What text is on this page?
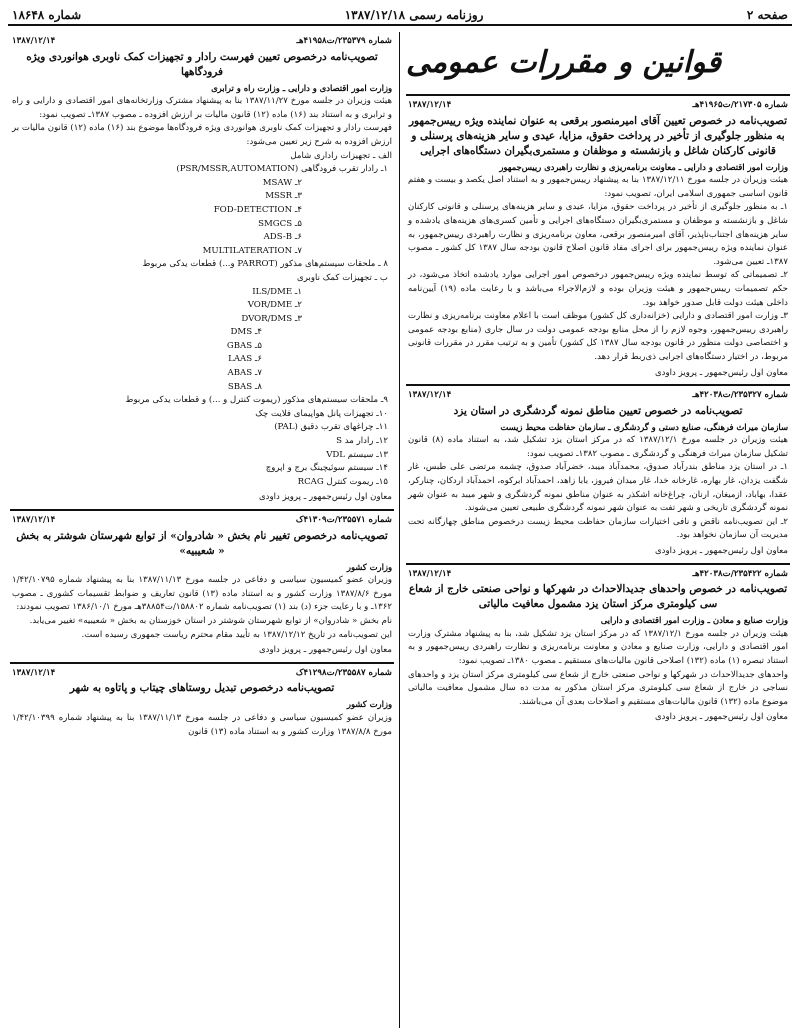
صفحه ۲
روزنامه رسمی ۱۳۸۷/۱۲/۱۸
شماره ۱۸۶۴۸
قوانین و مقررات عمومی
شماره ۲۱۷۳۰۵/ت۴۱۹۶۵هـ
۱۳۸۷/۱۲/۱۴
تصویب‌نامه در خصوص تعیین آقای امیرمنصور برقعی به عنوان نماینده ویژه رییس‌جمهور به منظور جلوگیری از تأخیر در پرداخت حقوق، مزایا، عیدی و سایر هزینه‌های پرسنلی و قانونی کارکنان شاغل و بازنشسته و موظفان و مستمری‌بگیران دستگاه‌های اجرایی
وزارت امور اقتصادی و دارایی ـ معاونت برنامه‌ریزی و نظارت راهبردی رییس‌جمهور
هیئت وزیران در جلسه مورخ ۱۳۸۷/۱۲/۱۱ بنا به پیشنهاد رییس‌جمهور و به استناد اصل یکصد و بیست و هفتم قانون اساسی جمهوری اسلامی ایران، تصویب نمود:
۱ـ به منظور جلوگیری از تأخیر در پرداخت حقوق، مزایا، عیدی و سایر هزینه‌های پرسنلی و قانونی کارکنان شاغل و بازنشسته و موظفان و مستمری‌بگیران دستگاه‌های اجرایی و تأمین کسری‌های هزینه‌های یادشده و سایر هزینه‌های اجتناب‌ناپذیر، آقای امیرمنصور برقعی، معاون برنامه‌ریزی و نظارت راهبردی رییس‌جمهور، به عنوان نماینده ویژه رییس‌جمهور برای اجرای مفاد قانون اصلاح قانون بودجه سال ۱۳۸۷ کل کشور ـ مصوب ۱۳۸۷ـ تعیین می‌شود.
۲ـ تصمیماتی که توسط نماینده ویژه رییس‌جمهور درخصوص امور اجرایی موارد یادشده اتخاذ می‌شود، در حکم تصمیمات رییس‌جمهور و هیئت وزیران بوده و لازم‌الاجراء می‌باشد و با رعایت ماده (۱۹) آیین‌نامه داخلی هیئت دولت قابل صدور خواهد بود.
۳ـ وزارت امور اقتصادی و دارایی (خزانه‌داری کل کشور) موظف است با اعلام معاونت برنامه‌ریزی و نظارت راهبردی رییس‌جمهور، وجوه لازم را از محل منابع بودجه عمومی دولت در سال جاری (منابع بودجه عمومی و اختصاصی دولت منظور در قانون بودجه سال ۱۳۸۷ کل کشور) تأمین و به ترتیب مقرر در مقررات قانونی مربوط، در اختیار دستگاه‌های اجرایی ذی‌ربط قرار دهد.
معاون اول رئیس‌جمهور ـ پرویز داودی
شماره ۲۳۵۳۲۷/ت۴۲۰۳۸هـ
۱۳۸۷/۱۲/۱۴
تصویب‌نامه در خصوص تعیین مناطق نمونه گردشگری در استان یزد
سازمان میراث فرهنگی، صنایع دستی و گردشگری ـ سازمان حفاظت محیط زیست
هیئت وزیران در جلسه مورخ ۱۳۸۷/۱۲/۱ که در مرکز استان یزد تشکیل شد، به استناد ماده (۸) قانون تشکیل سازمان میراث فرهنگی و گردشگری ـ مصوب ۱۳۸۲ـ تصویب نمود:
۱ـ در استان یزد مناطق بندرآباد صدوق، محمدآباد میبد، خضرآباد صدوق، چشمه مرتضی علی طبس، غار شگفت یزدان، غار بهاره، غارخانه خدا، غار میدان فیروز، بابا زاهد، احمدآباد ابرکوه، احمدآباد اردکان، چنارکر، عقدا، بهاباد، ازمیغان، ارنان، چراغ‌خانه اشکذر به عنوان مناطق نمونه گردشگری و شهر میبد به عنوان شهر نمونه گردشگری تاریخی و شهر تفت به عنوان شهر نمونه گردشگری طبیعی تعیین می‌شوند.
۲ـ این تصویب‌نامه ناقض و نافی اختیارات سازمان حفاظت محیط زیست درخصوص مناطق چهارگانه تحت مدیریت آن سازمان نخواهد بود.
معاون اول رئیس‌جمهور ـ پرویز داودی
شماره ۲۳۵۴۲۲/ت۴۲۰۳۸هـ
۱۳۸۷/۱۲/۱۴
تصویب‌نامه در خصوص واحدهای جدیدالاحداث در شهرکها و نواحی صنعتی خارج از شعاع سی کیلومتری مرکز استان یزد مشمول معافیت مالیاتی
وزارت صنایع و معادن ـ وزارت امور اقتصادی و دارایی
هیئت وزیران در جلسه مورخ ۱۳۸۷/۱۲/۱ که در مرکز استان یزد تشکیل شد، بنا به پیشنهاد مشترک وزارت امور اقتصادی و دارایی، وزارت صنایع و معادن و معاونت برنامه‌ریزی و نظارت راهبردی رییس‌جمهور و به استناد تبصره (۱) ماده (۱۳۲) اصلاحی قانون مالیات‌های مستقیم ـ مصوب ۱۳۸۰ـ تصویب نمود:
واحدهای جدیدالاحداث در شهرکها و نواحی صنعتی خارج از شعاع سی کیلومتری مرکز استان یزد و واحدهای نساجی در خارج از شعاع سی کیلومتری مرکز استان مذکور به مدت ده سال مشمول معافیت مالیاتی موضوع ماده (۱۳۲) قانون مالیات‌های مستقیم و اصلاحات بعدی آن می‌باشند.
معاون اول رئیس‌جمهور ـ پرویز داودی
شماره ۲۳۵۳۷۹/ت۴۱۹۵۸هـ
۱۳۸۷/۱۲/۱۴
تصویب‌نامه درخصوص تعیین فهرست رادار و تجهیزات کمک ناوبری هوانوردی ویژه فرودگاهها
وزارت امور اقتصادی و دارایی ـ وزارت راه و ترابری
هیئت وزیران در جلسه مورخ ۱۳۸۷/۱۱/۲۷ بنا به پیشنهاد مشترک وزارتخانه‌های امور اقتصادی و دارایی و راه و ترابری و به استناد بند (۱۶) ماده (۱۲) قانون مالیات بر ارزش افزوده ـ مصوب ۱۳۸۷ـ تصویب نمود:
فهرست رادار و تجهیزات کمک ناوبری هوانوردی ویژه فرودگاه‌ها موضوع بند (۱۶) ماده (۱۲) قانون مالیات بر ارزش افزوده به شرح زیر تعیین می‌شود:
الف ـ تجهیزات راداری شامل
۱ـ رادار تقرب فرودگاهی (PSR/MSSR,AUTOMATION)
۲ـ MSAW
۳ـ MSSR
۴ـ FOD-DETECTION
۵ـ SMGCS
۶ـ ADS-B
۷ـ MULTILATERATION
۸ ـ ملحقات سیستم‌های مذکور (PARROT و...) قطعات یدکی مربوط
ب ـ تجهیزات کمک ناوبری
۱ـ ILS/DME
۲ـ VOR/DME
۳ـ DVOR/DMS
۴ـ DMS
۵ـ GBAS
۶ـ LAAS
۷ـ ABAS
۸ـ SBAS
۹ـ ملحقات سیستم‌های مذکور (ریموت کنترل و ...) و قطعات یدکی مربوط
۱۰ـ تجهیزات پانل هواپیمای فلایت چک
۱۱ـ چراغهای تقرب دقیق (PAL)
۱۲ـ رادار مد S
۱۳ـ سیستم VDL
۱۴ـ سیستم سوئیچینگ برج و اپروچ
۱۵ـ ریموت کنترل RCAG
معاون اول رئیس‌جمهور ـ پرویز داودی
شماره ۲۳۵۵۷۱/ت۴۱۳۰۹ک
۱۳۸۷/۱۲/۱۴
تصویب‌نامه درخصوص تغییر نام بخش « شادروان» از توابع شهرستان شوشتر به بخش « شعیبیه»
وزارت کشور
وزیران عضو کمیسیون سیاسی و دفاعی در جلسه مورخ ۱۳۸۷/۱۱/۱۳ بنا به پیشنهاد شماره ۱/۴۲/۱۰۷۹۵ مورخ ۱۳۸۷/۸/۶ وزارت کشور و به استناد ماده (۱۳) قانون تعاریف و ضوابط تقسیمات کشوری ـ مصوب ۱۳۶۲ـ و با رعایت جزء (د) بند (۱) تصویب‌نامه شماره ۱۵۸۸۰۲/ت۳۸۸۵۴هـ مورخ ۱۳۸۶/۱۰/۱ تصویب نمودند:
نام بخش « شادروان» از توابع شهرستان شوشتر در استان خوزستان به بخش « شعیبیه» تغییر می‌یابد.
این تصویب‌نامه در تاریخ ۱۳۸۷/۱۲/۱۲ به تأیید مقام محترم ریاست جمهوری رسیده است.
معاون اول رئیس‌جمهور ـ پرویز داودی
شماره ۲۳۵۵۸۷/ت۴۱۲۹۸ک
۱۳۸۷/۱۲/۱۴
تصویب‌نامه درخصوص تبدیل روستاهای چیتاب و پاتاوه به شهر
وزارت کشور
وزیران عضو کمیسیون سیاسی و دفاعی در جلسه مورخ ۱۳۸۷/۱۱/۱۳ بنا به پیشنهاد شماره ۱/۴۲/۱۰۳۹۹ مورخ ۱۳۸۷/۸/۸ وزارت کشور و به استناد ماده (۱۳) قانون
